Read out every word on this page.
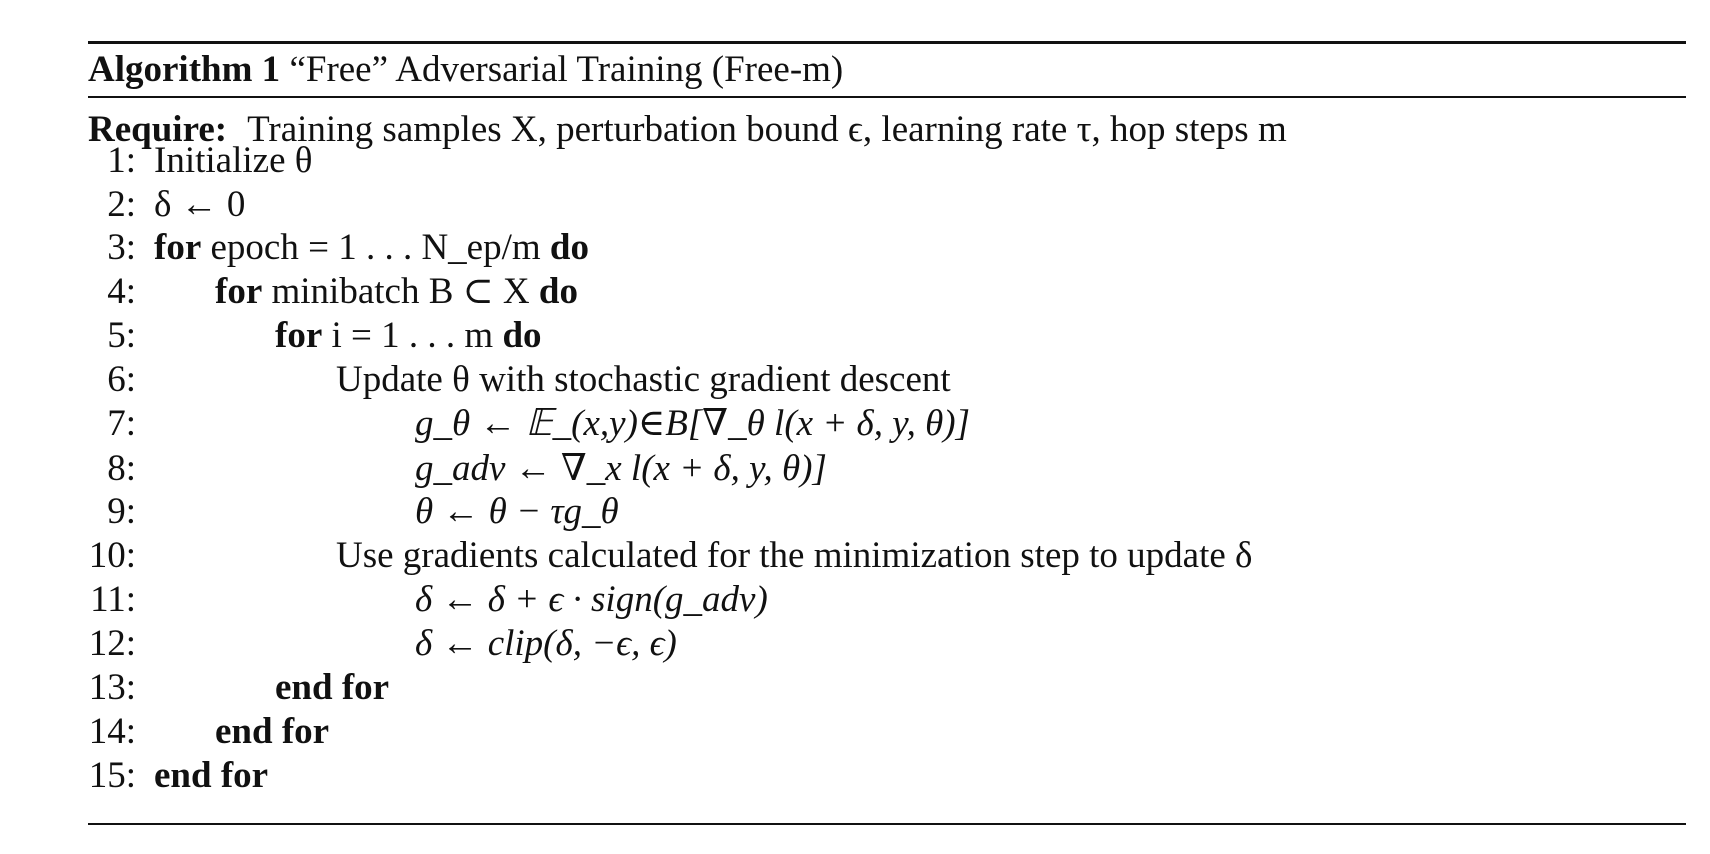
Algorithm 1 “Free” Adversarial Training (Free-m)
Require: Training samples X, perturbation bound ϵ, learning rate τ, hop steps m
1: Initialize θ
2: δ ← 0
3: for epoch = 1 . . . N_ep/m do
4: for minibatch B ⊂ X do
5:	for i = 1 . . . m do
6:	Update θ with stochastic gradient descent
7:	g_θ ← 𝔼_(x,y)∈B[∇_θ l(x + δ, y, θ)]
8:	g_adv ← ∇_x l(x + δ, y, θ)]
9:	θ ← θ − τg_θ
10:	Use gradients calculated for the minimization step to update δ
11:	δ ← δ + ϵ · sign(g_adv)
12:	δ ← clip(δ, −ϵ, ϵ)
13:	end for
14: end for
15: end for
